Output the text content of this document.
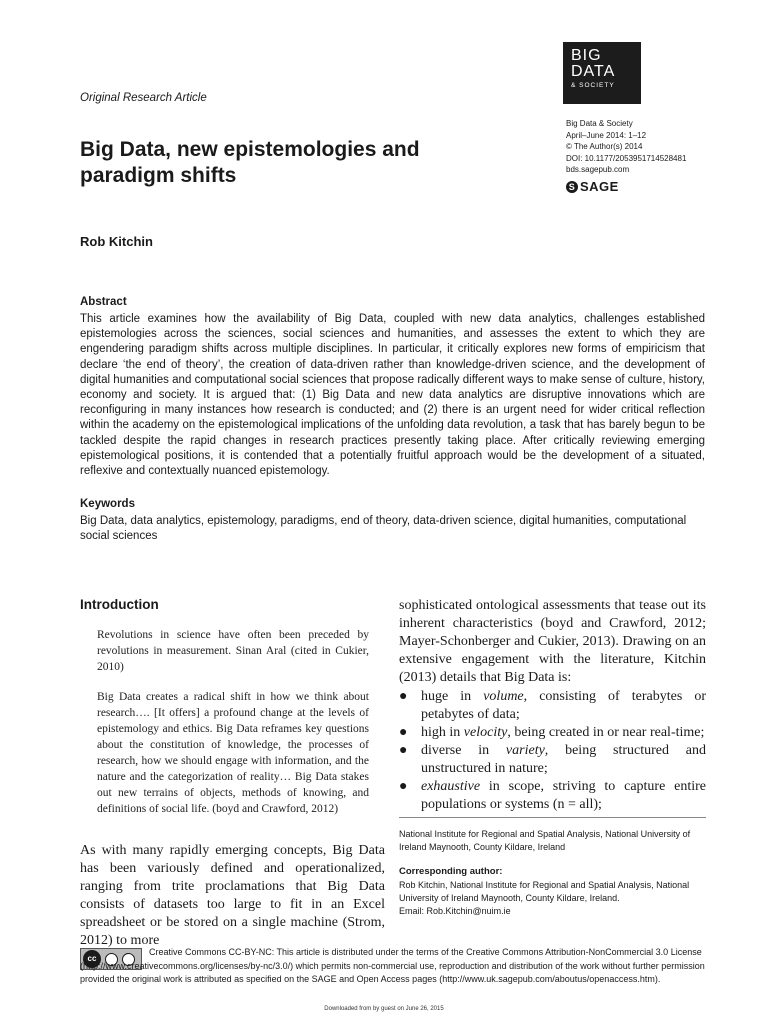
BIG
DATA
& SOCIETY
Original Research Article
Big Data, new epistemologies and paradigm shifts
Big Data & Society
April–June 2014: 1–12
© The Author(s) 2014
DOI: 10.1177/2053951714528481
bds.sagepub.com
S SAGE
Rob Kitchin
Abstract

This article examines how the availability of Big Data, coupled with new data analytics, challenges established epistemologies across the sciences, social sciences and humanities, and assesses the extent to which they are engendering paradigm shifts across multiple disciplines. In particular, it critically explores new forms of empiricism that declare ‘the end of theory’, the creation of data-driven rather than knowledge-driven science, and the development of digital humanities and computational social sciences that propose radically different ways to make sense of culture, history, economy and society. It is argued that: (1) Big Data and new data analytics are disruptive innovations which are reconfiguring in many instances how research is conducted; and (2) there is an urgent need for wider critical reflection within the academy on the epistemological implications of the unfolding data revolution, a task that has barely begun to be tackled despite the rapid changes in research practices presently taking place. After critically reviewing emerging epistemological positions, it is contended that a potentially fruitful approach would be the development of a situated, reflexive and contextually nuanced epistemology.

Keywords

Big Data, data analytics, epistemology, paradigms, end of theory, data-driven science, digital humanities, computational social sciences

Introduction

Revolutions in science have often been preceded by revolutions in measurement. Sinan Aral (cited in Cukier, 2010)

Big Data creates a radical shift in how we think about research…. [It offers] a profound change at the levels of epistemology and ethics. Big Data reframes key questions about the constitution of knowledge, the processes of research, how we should engage with information, and the nature and the categorization of reality… Big Data stakes out new terrains of objects, methods of knowing, and definitions of social life. (boyd and Crawford, 2012)

As with many rapidly emerging concepts, Big Data has been variously defined and operationalized, ranging from trite proclamations that Big Data consists of datasets too large to fit in an Excel spreadsheet or be stored on a single machine (Strom, 2012) to more

sophisticated ontological assessments that tease out its inherent characteristics (boyd and Crawford, 2012; Mayer-Schonberger and Cukier, 2013). Drawing on an extensive engagement with the literature, Kitchin (2013) details that Big Data is:

● huge in volume, consisting of terabytes or petabytes of data;
● high in velocity, being created in or near real-time;
● diverse in variety, being structured and unstructured in nature;
● exhaustive in scope, striving to capture entire populations or systems (n = all);

National Institute for Regional and Spatial Analysis, National University of Ireland Maynooth, County Kildare, Ireland

Corresponding author:
Rob Kitchin, National Institute for Regional and Spatial Analysis, National University of Ireland Maynooth, County Kildare, Ireland.
Email: Rob.Kitchin@nuim.ie
cc

Creative Commons CC-BY-NC: This article is distributed under the terms of the Creative Commons Attribution-NonCommercial 3.0 License (http://www.creativecommons.org/licenses/by-nc/3.0/) which permits non-commercial use, reproduction and distribution of the work without further permission provided the original work is attributed as specified on the SAGE and Open Access pages (http://www.uk.sagepub.com/aboutus/openaccess.htm).

Downloaded from by guest on June 26, 2015
